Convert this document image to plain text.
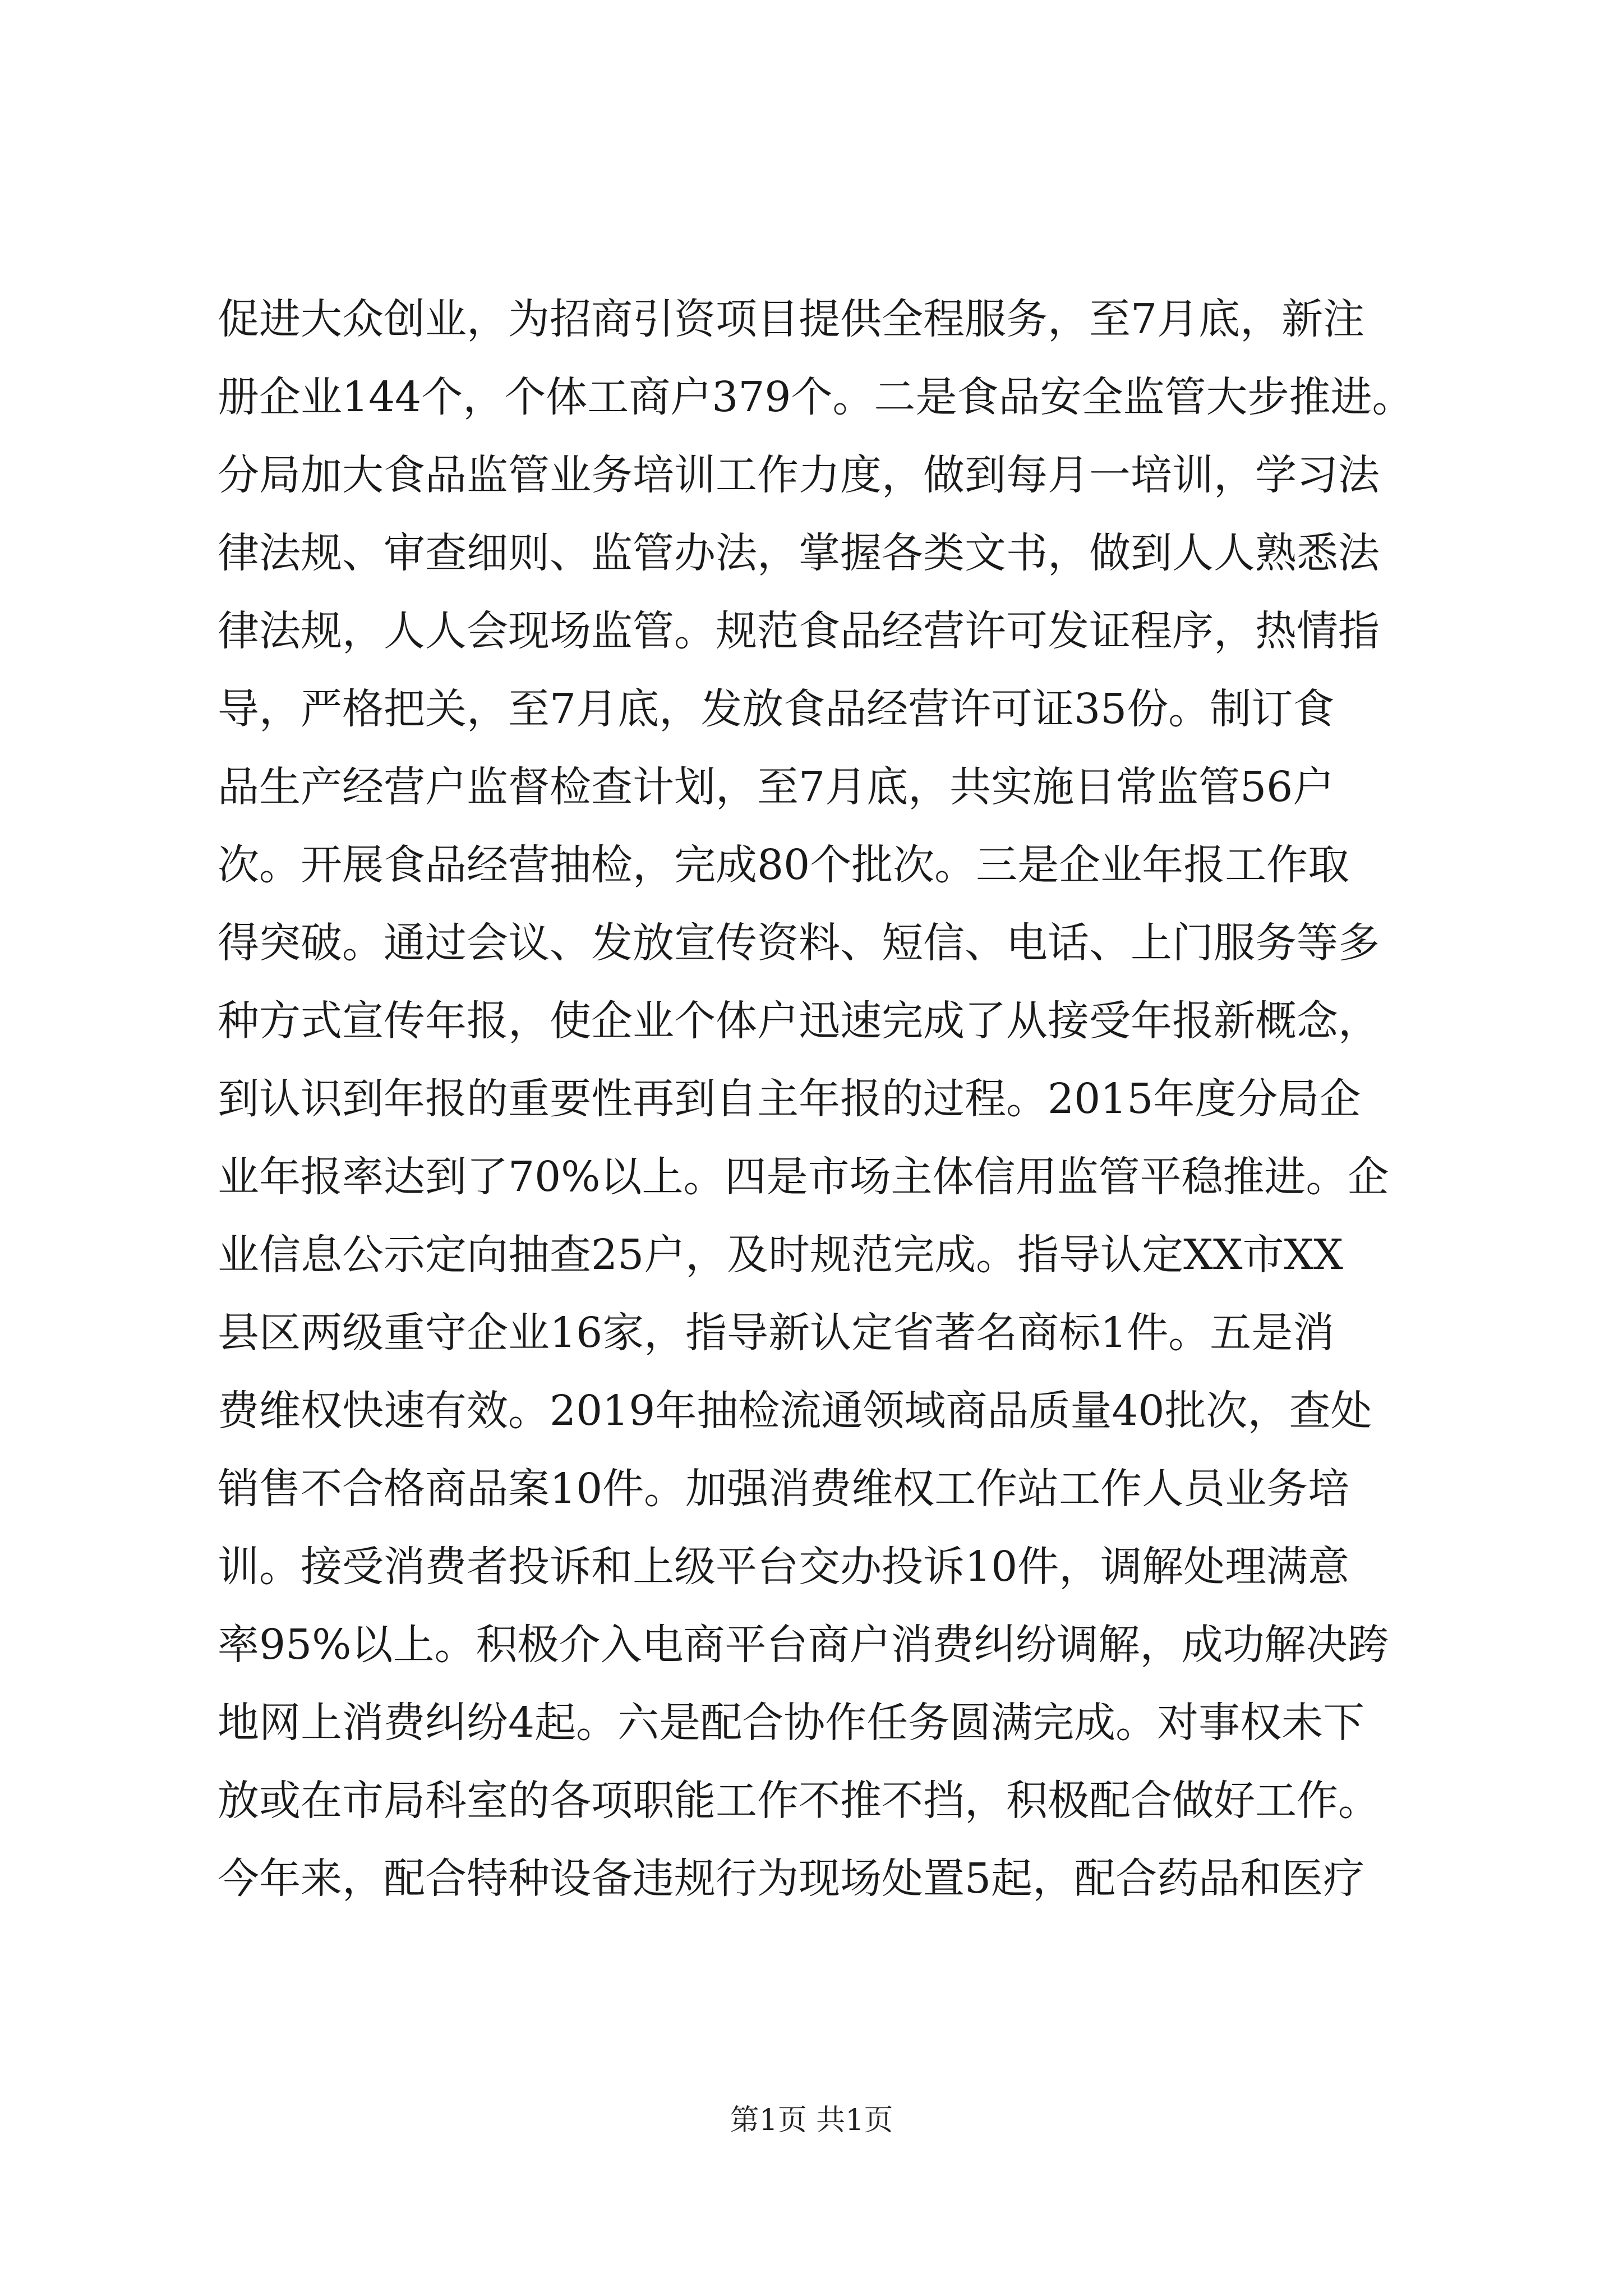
促进大众创业，为招商引资项目提供全程服务，至7月底，新注
册企业144个，个体工商户379个。二是食品安全监管大步推进。
分局加大食品监管业务培训工作力度，做到每月一培训，学习法
律法规、审查细则、监管办法，掌握各类文书，做到人人熟悉法
律法规，人人会现场监管。规范食品经营许可发证程序，热情指
导，严格把关，至7月底，发放食品经营许可证35份。制订食
品生产经营户监督检查计划，至7月底，共实施日常监管56户
次。开展食品经营抽检，完成80个批次。三是企业年报工作取
得突破。通过会议、发放宣传资料、短信、电话、上门服务等多
种方式宣传年报，使企业个体户迅速完成了从接受年报新概念，
到认识到年报的重要性再到自主年报的过程。2015年度分局企
业年报率达到了70%以上。四是市场主体信用监管平稳推进。企
业信息公示定向抽查25户，及时规范完成。指导认定XX市XX
县区两级重守企业16家，指导新认定省著名商标1件。五是消
费维权快速有效。2019年抽检流通领域商品质量40批次，查处
销售不合格商品案10件。加强消费维权工作站工作人员业务培
训。接受消费者投诉和上级平台交办投诉10件，调解处理满意
率95%以上。积极介入电商平台商户消费纠纷调解，成功解决跨
地网上消费纠纷4起。六是配合协作任务圆满完成。对事权未下
放或在市局科室的各项职能工作不推不挡，积极配合做好工作。
今年来，配合特种设备违规行为现场处置5起，配合药品和医疗
第1页 共1页
